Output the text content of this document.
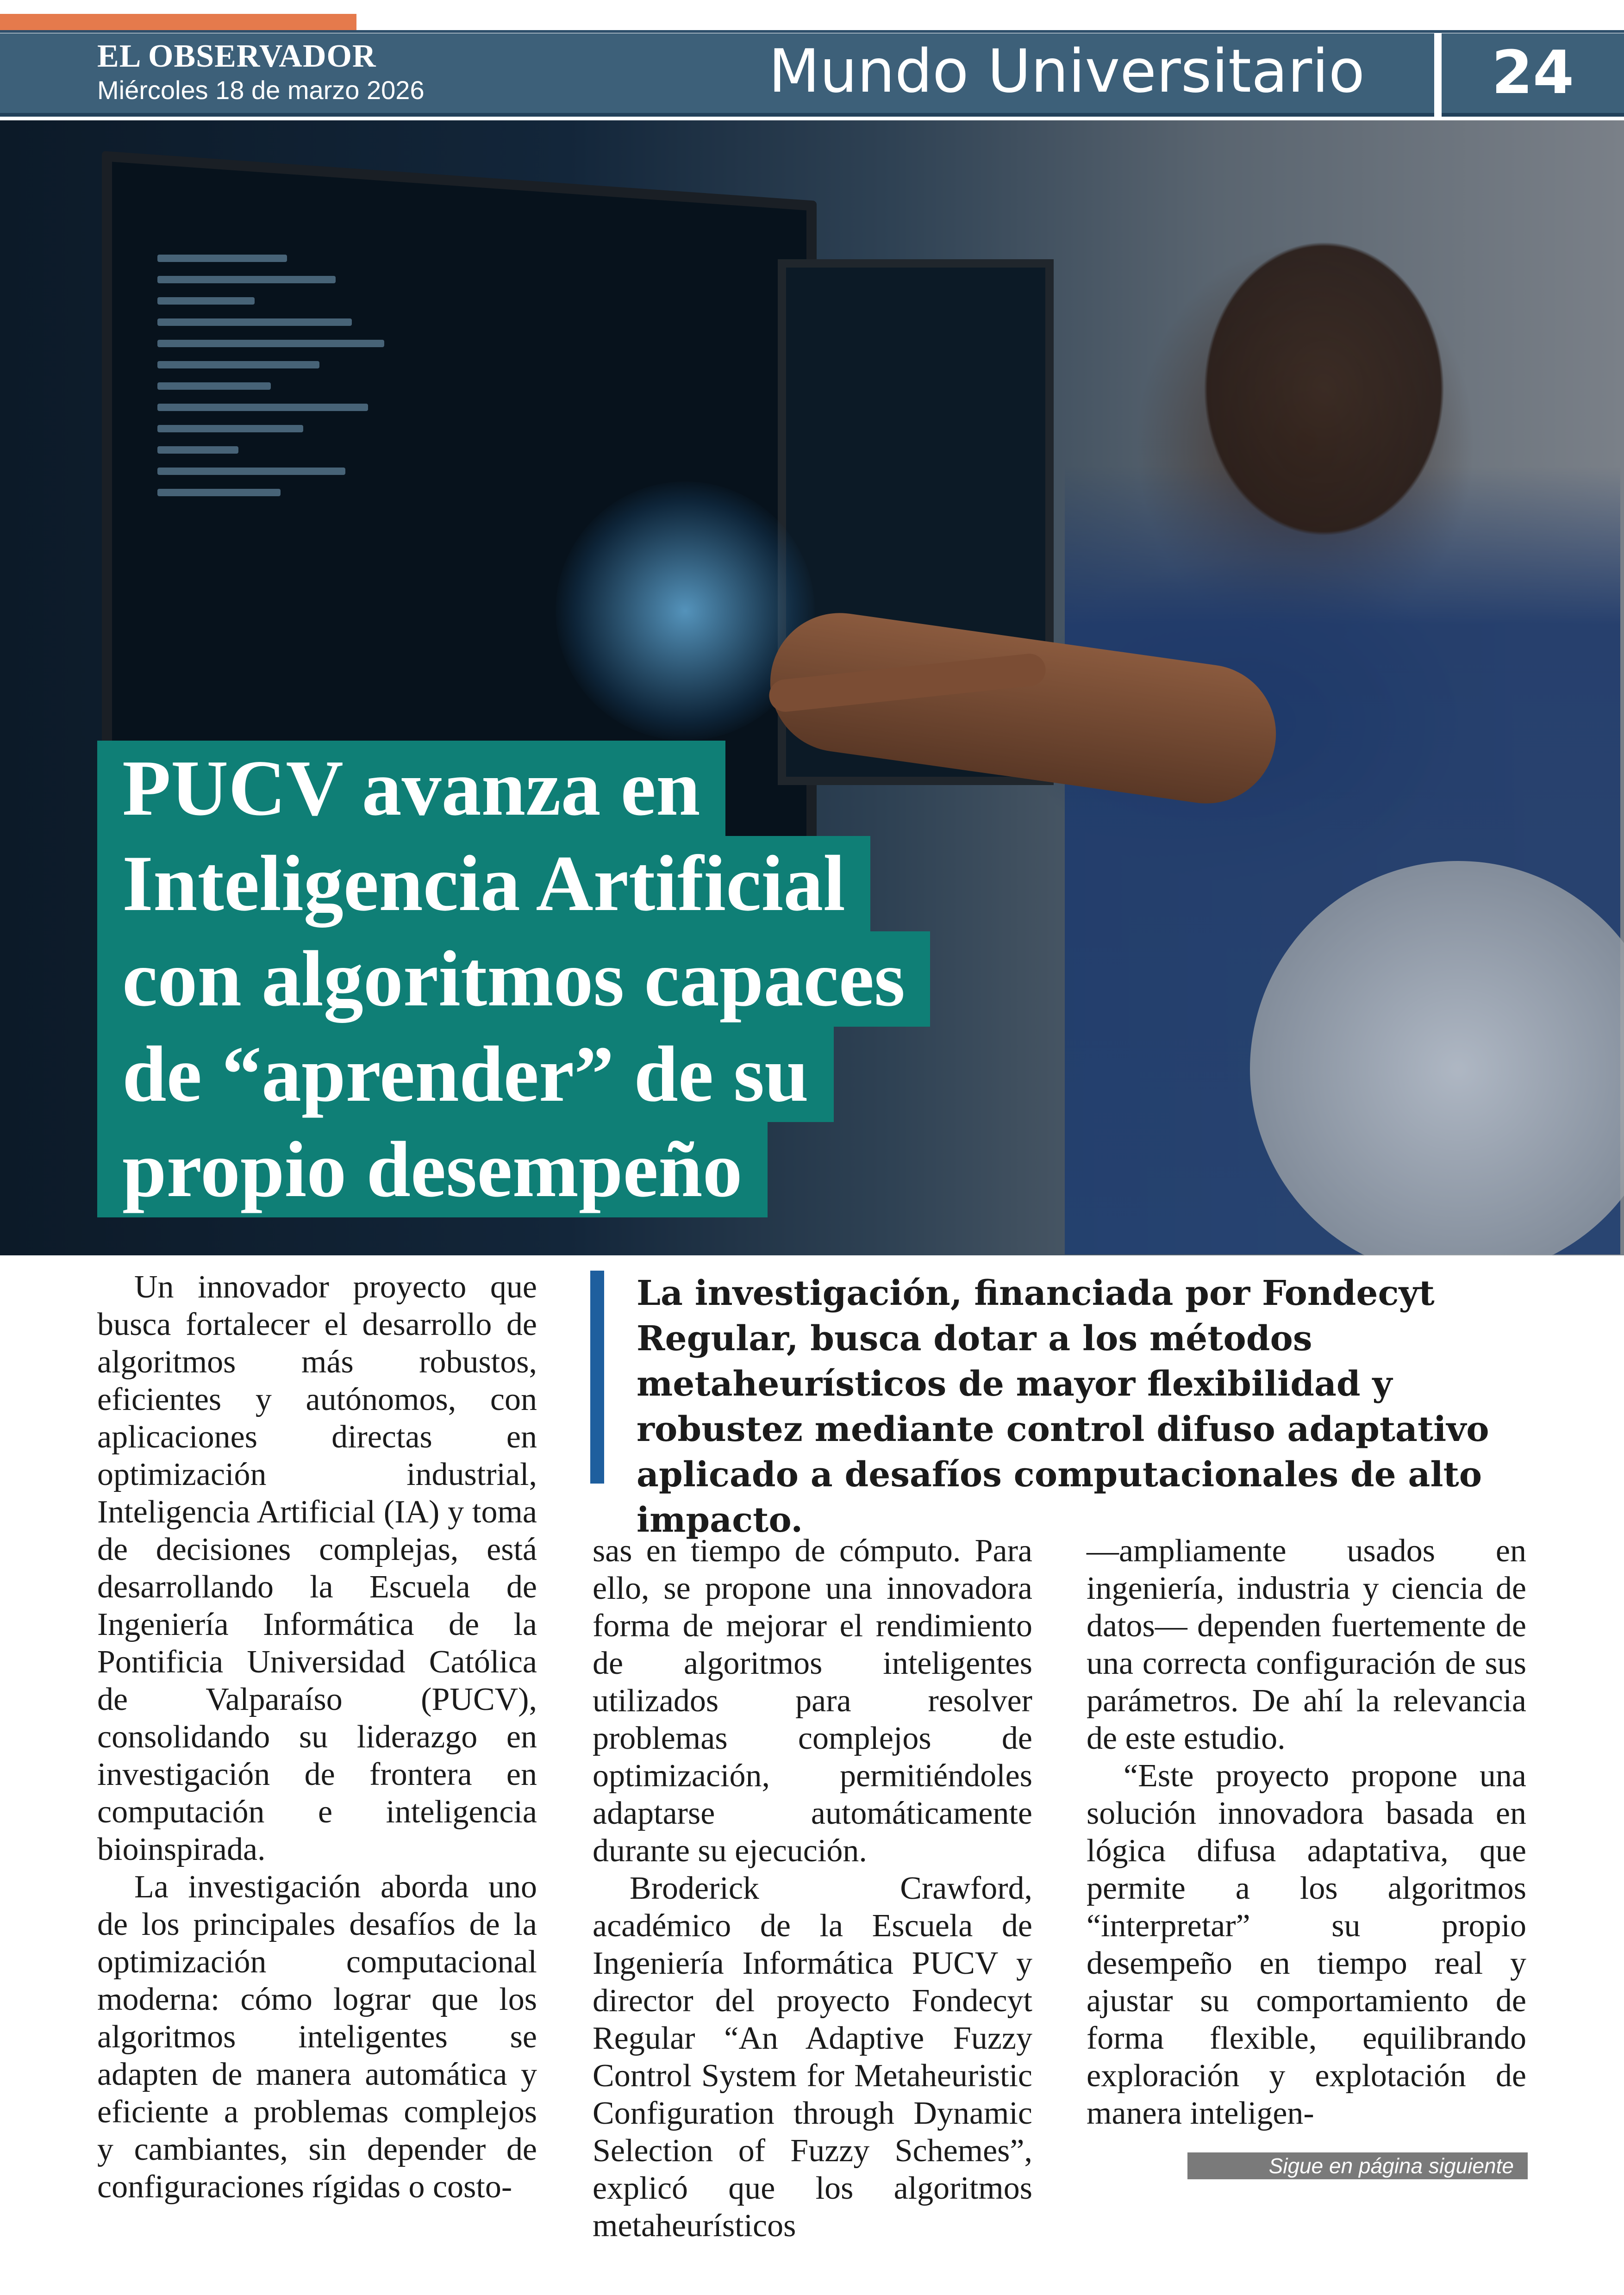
EL OBSERVADOR
Miércoles 18 de marzo 2026	Mundo Universitario	24
PUCV avanza en
Inteligencia Artificial
con algoritmos capaces
de “aprender” de su
propio desempeño

Un innovador proyecto que busca fortalecer el desarrollo de algoritmos más robustos, eficientes y autónomos, con aplicaciones directas en optimización industrial, Inteligencia Artificial (IA) y toma de decisiones complejas, está desarrollando la Escuela de Ingeniería Informática de la Pontificia Universidad Católica de Valparaíso (PUCV), consolidando su liderazgo en investigación de frontera en computación e inteligencia bioinspirada.

La investigación aborda uno de los principales desafíos de la optimización computacional moderna: cómo lograr que los algoritmos inteligentes se adapten de manera automática y eficiente a problemas complejos y cambiantes, sin depender de configuraciones rígidas o costo-

La investigación, financiada por Fondecyt Regular, busca dotar a los métodos metaheurísticos de mayor flexibilidad y robustez mediante control difuso adaptativo aplicado a desafíos computacionales de alto impacto.

sas en tiempo de cómputo. Para ello, se propone una innovadora forma de mejorar el rendimiento de algoritmos inteligentes utilizados para resolver problemas complejos de optimización, permitiéndoles adaptarse automáticamente durante su ejecución.

Broderick Crawford, académico de la Escuela de Ingeniería Informática PUCV y director del proyecto Fondecyt Regular “An Adaptive Fuzzy Control System for Metaheuristic Configuration through Dynamic Selection of Fuzzy Schemes”, explicó que los algoritmos metaheurísticos

—ampliamente usados en ingeniería, industria y ciencia de datos— dependen fuertemente de una correcta configuración de sus parámetros. De ahí la relevancia de este estudio.

“Este proyecto propone una solución innovadora basada en lógica difusa adaptativa, que permite a los algoritmos “interpretar” su propio desempeño en tiempo real y ajustar su comportamiento de forma flexible, equilibrando exploración y explotación de manera inteligen-

Sigue en página siguiente
